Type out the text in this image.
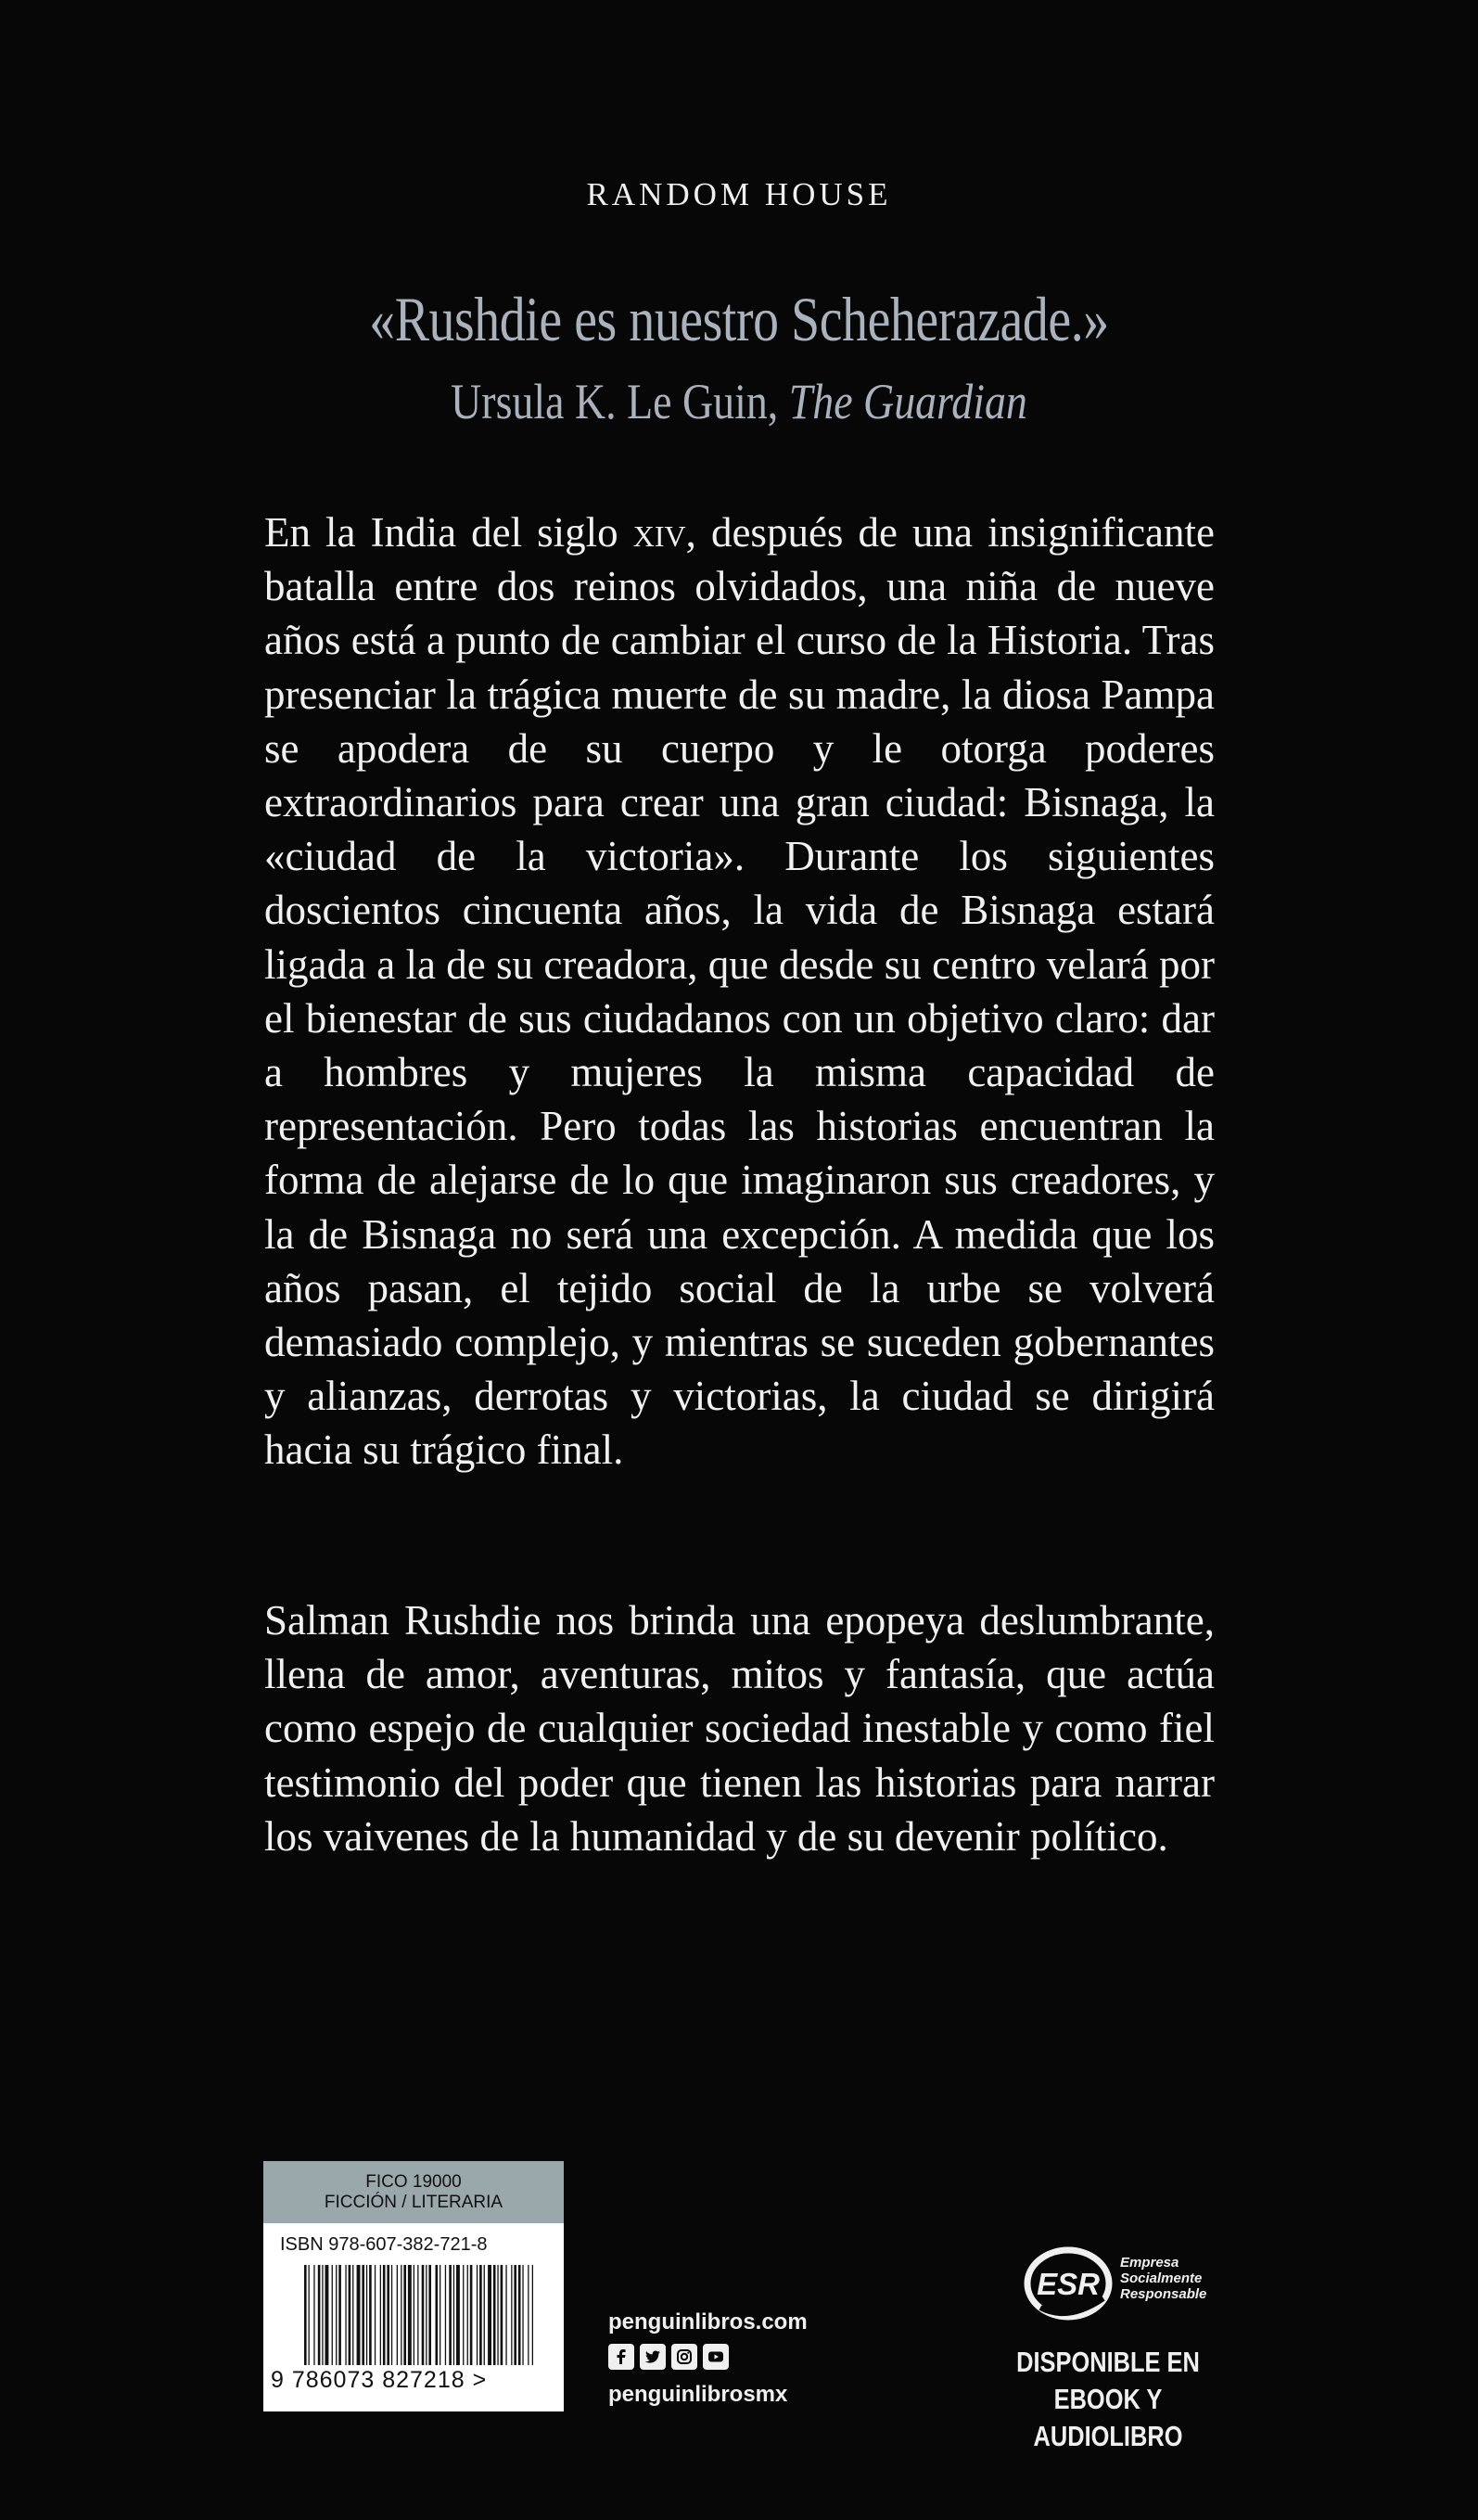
RANDOM HOUSE
«Rushdie es nuestro Scheherazade.»
Ursula K. Le Guin, The Guardian
En la India del siglo xiv, después de una insignificante batalla entre dos reinos olvidados, una niña de nueve años está a punto de cambiar el curso de la Historia. Tras presenciar la trágica muerte de su madre, la diosa Pampa se apodera de su cuerpo y le otorga poderes extraordinarios para crear una gran ciudad: Bisnaga, la «ciudad de la victoria». Durante los siguientes doscientos cincuenta años, la vida de Bisnaga estará ligada a la de su creadora, que desde su centro velará por el bienestar de sus ciudadanos con un objetivo claro: dar a hombres y mujeres la misma capacidad de representación. Pero todas las historias encuentran la forma de alejarse de lo que imaginaron sus creadores, y la de Bisnaga no será una excepción. A medida que los años pasan, el tejido social de la urbe se volverá demasiado complejo, y mientras se suceden gobernantes y alianzas, derrotas y victorias, la ciudad se dirigirá hacia su trágico final.
Salman Rushdie nos brinda una epopeya deslumbrante, llena de amor, aventuras, mitos y fantasía, que actúa como espejo de cualquier sociedad inestable y como fiel testimonio del poder que tienen las historias para narrar los vaivenes de la humanidad y de su devenir político.
FICO 19000
FICCIÓN / LITERARIA
ISBN 978-607-382-721-8
9 786073 827218 >
penguinlibros.com
penguinlibrosmx
ESR
Empresa
Socialmente
Responsable
DISPONIBLE EN
EBOOK Y AUDIOLIBRO
